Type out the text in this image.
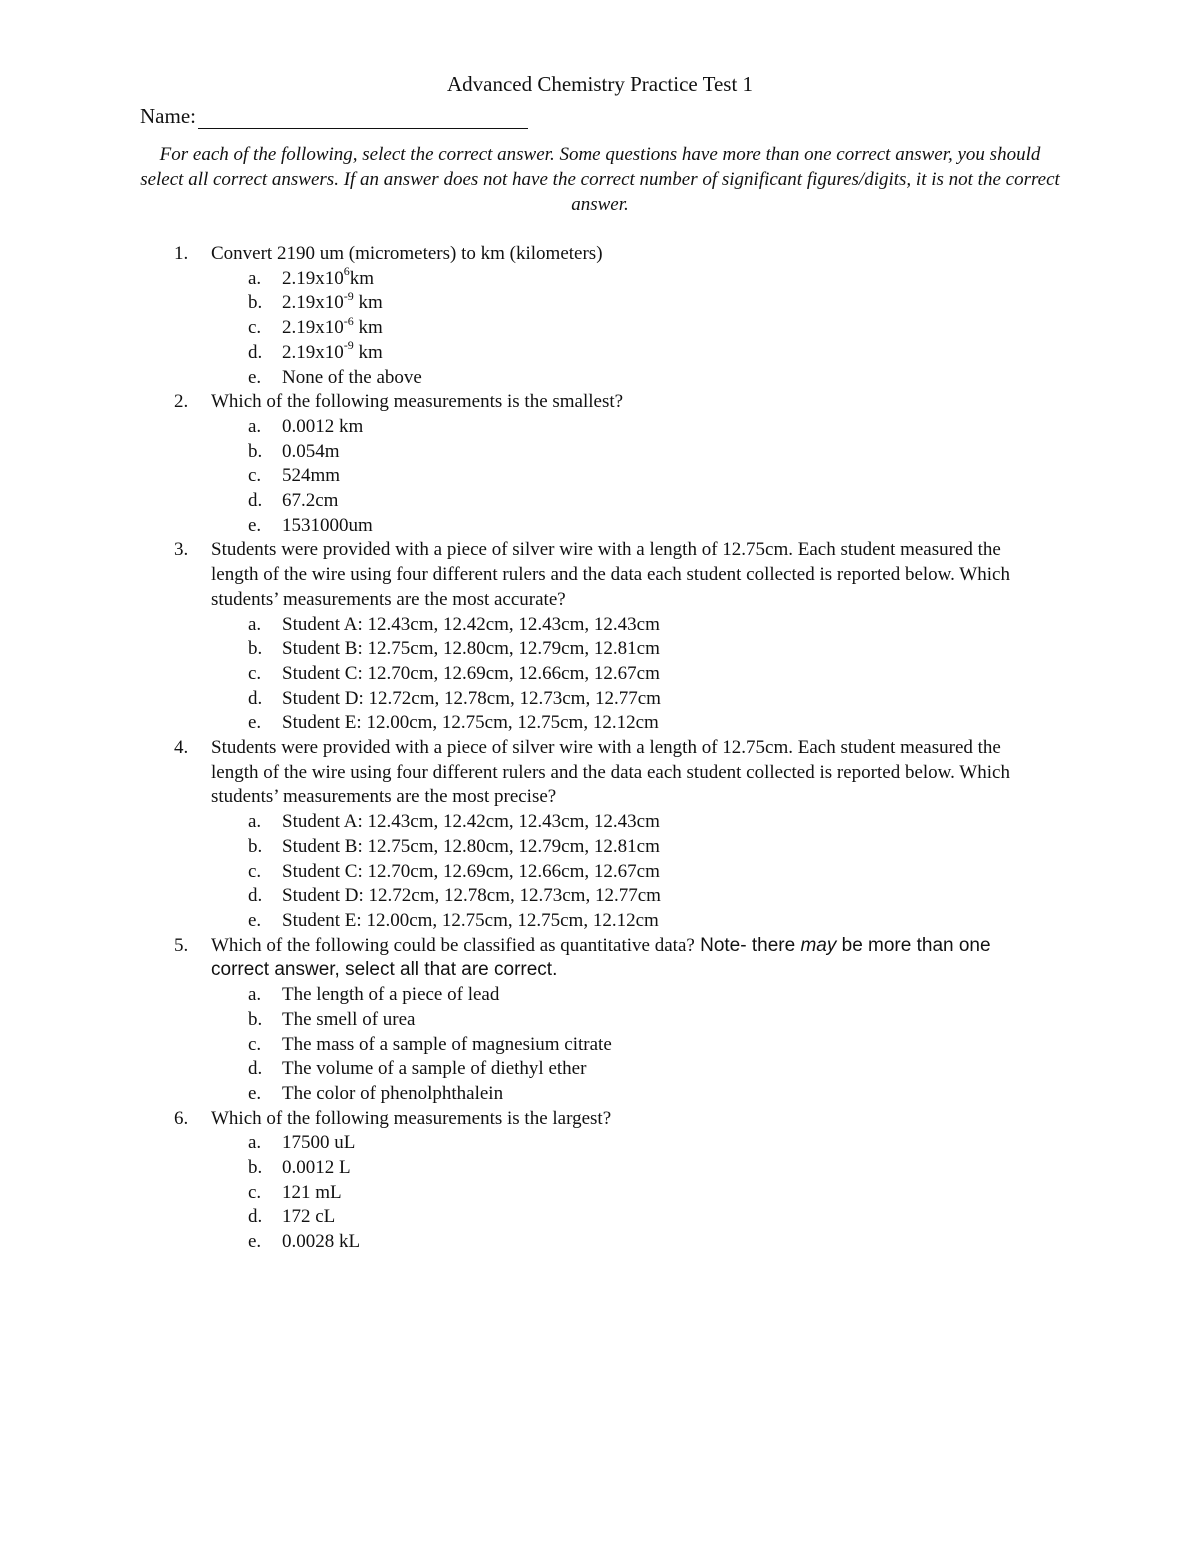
Advanced Chemistry Practice Test 1
Name:
For each of the following, select the correct answer. Some questions have more than one correct answer, you should select all correct answers. If an answer does not have the correct number of significant figures/digits, it is not the correct answer.
1. Convert 2190 um (micrometers) to km (kilometers)
a. $2.19x10^6km$
b. $2.19x10^{-9}$ km
c. $2.19x10^{-6}$ km
d. $2.19x10^{-9}$ km
e. None of the above
2. Which of the following measurements is the smallest?
a. 0.0012 km
b. 0.054m
c. 524mm
d. 67.2cm
e. 1531000um
3. Students were provided with a piece of silver wire with a length of 12.75cm. Each student measured the length of the wire using four different rulers and the data each student collected is reported below. Which students’ measurements are the most accurate?
a. Student A: 12.43cm, 12.42cm, 12.43cm, 12.43cm
b. Student B: 12.75cm, 12.80cm, 12.79cm, 12.81cm
c. Student C: 12.70cm, 12.69cm, 12.66cm, 12.67cm
d. Student D: 12.72cm, 12.78cm, 12.73cm, 12.77cm
e. Student E: 12.00cm, 12.75cm, 12.75cm, 12.12cm
4. Students were provided with a piece of silver wire with a length of 12.75cm. Each student measured the length of the wire using four different rulers and the data each student collected is reported below. Which students’ measurements are the most precise?
a. Student A: 12.43cm, 12.42cm, 12.43cm, 12.43cm
b. Student B: 12.75cm, 12.80cm, 12.79cm, 12.81cm
c. Student C: 12.70cm, 12.69cm, 12.66cm, 12.67cm
d. Student D: 12.72cm, 12.78cm, 12.73cm, 12.77cm
e. Student E: 12.00cm, 12.75cm, 12.75cm, 12.12cm
5. Which of the following could be classified as quantitative data? Note- there may be more than one correct answer, select all that are correct.
a. The length of a piece of lead
b. The smell of urea
c. The mass of a sample of magnesium citrate
d. The volume of a sample of diethyl ether
e. The color of phenolphthalein
6. Which of the following measurements is the largest?
a. 17500 uL
b. 0.0012 L
c. 121 mL
d. 172 cL
e. 0.0028 kL
